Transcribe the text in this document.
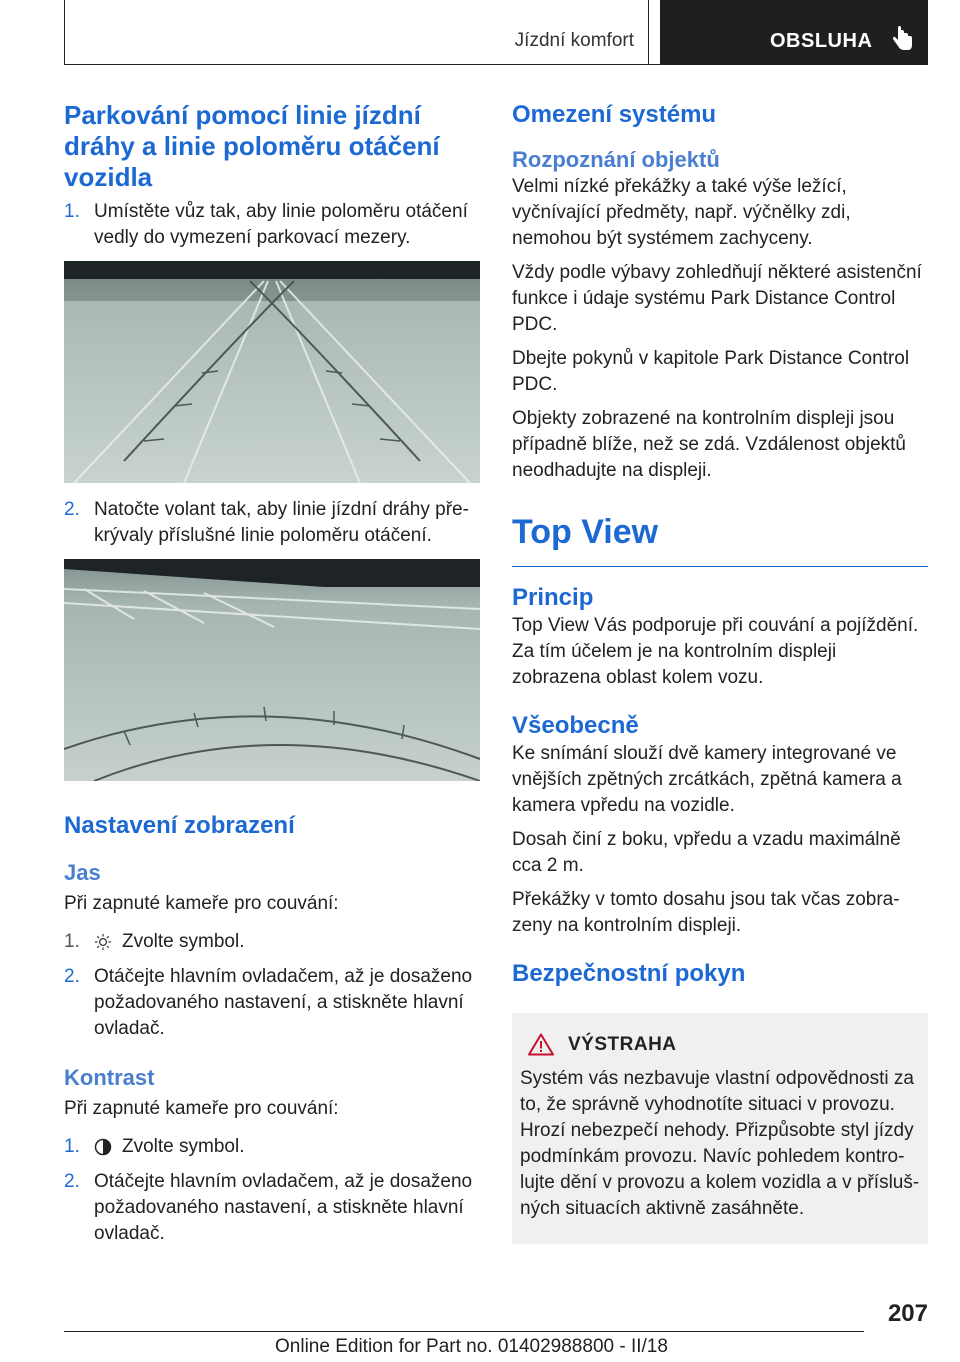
Jízdní komfort	OBSLUHA
Parkování pomocí linie jízdní dráhy a linie poloměru otáčení vozidla
1. Umístěte vůz tak, aby linie poloměru otáčení vedly do vymezení parkovací mezery.
2. Natočte volant tak, aby linie jízdní dráhy překrývaly příslušné linie poloměru otáčení.
Nastavení zobrazení
Jas

Při zapnuté kameře pro couvání:

1. Zvolte symbol.
2. Otáčejte hlavním ovladačem, až je dosaženo požadovaného nastavení, a stiskněte hlavní ovladač.
Kontrast

Při zapnuté kameře pro couvání:

1. Zvolte symbol.
2. Otáčejte hlavním ovladačem, až je dosaženo požadovaného nastavení, a stiskněte hlavní ovladač.
Omezení systému
Rozpoznání objektů

Velmi nízké překážky a také výše ležící, vyčnívající předměty, např. výčnělky zdi, nemohou být systémem zachyceny.

Vždy podle výbavy zohledňují některé asistenční funkce i údaje systému Park Distance Control PDC.

Dbejte pokynů v kapitole Park Distance Control PDC.

Objekty zobrazené na kontrolním displeji jsou případně blíže, než se zdá. Vzdálenost objektů neodhadujte na displeji.

Top View
Princip

Top View Vás podporuje při couvání a pojíždění. Za tím účelem je na kontrolním displeji zobrazena oblast kolem vozu.

Všeobecně

Ke snímání slouží dvě kamery integrované ve vnějších zpětných zrcátkách, zpětná kamera a kamera vpředu na vozidle.

Dosah činí z boku, vpředu a vzadu maximálně cca 2 m.

Překážky v tomto dosahu jsou tak včas zobrazeny na kontrolním displeji.

Bezpečnostní pokyn
VÝSTRAHA

Systém vás nezbavuje vlastní odpovědnosti za to, že správně vyhodnotíte situaci v provozu. Hrozí nebezpečí nehody. Přizpůsobte styl jízdy podmínkám provozu. Navíc pohledem kontrolujte dění v provozu a kolem vozidla a v příslušných situacích aktivně zasáhněte.

207
Online Edition for Part no. 01402988800 - II/18
